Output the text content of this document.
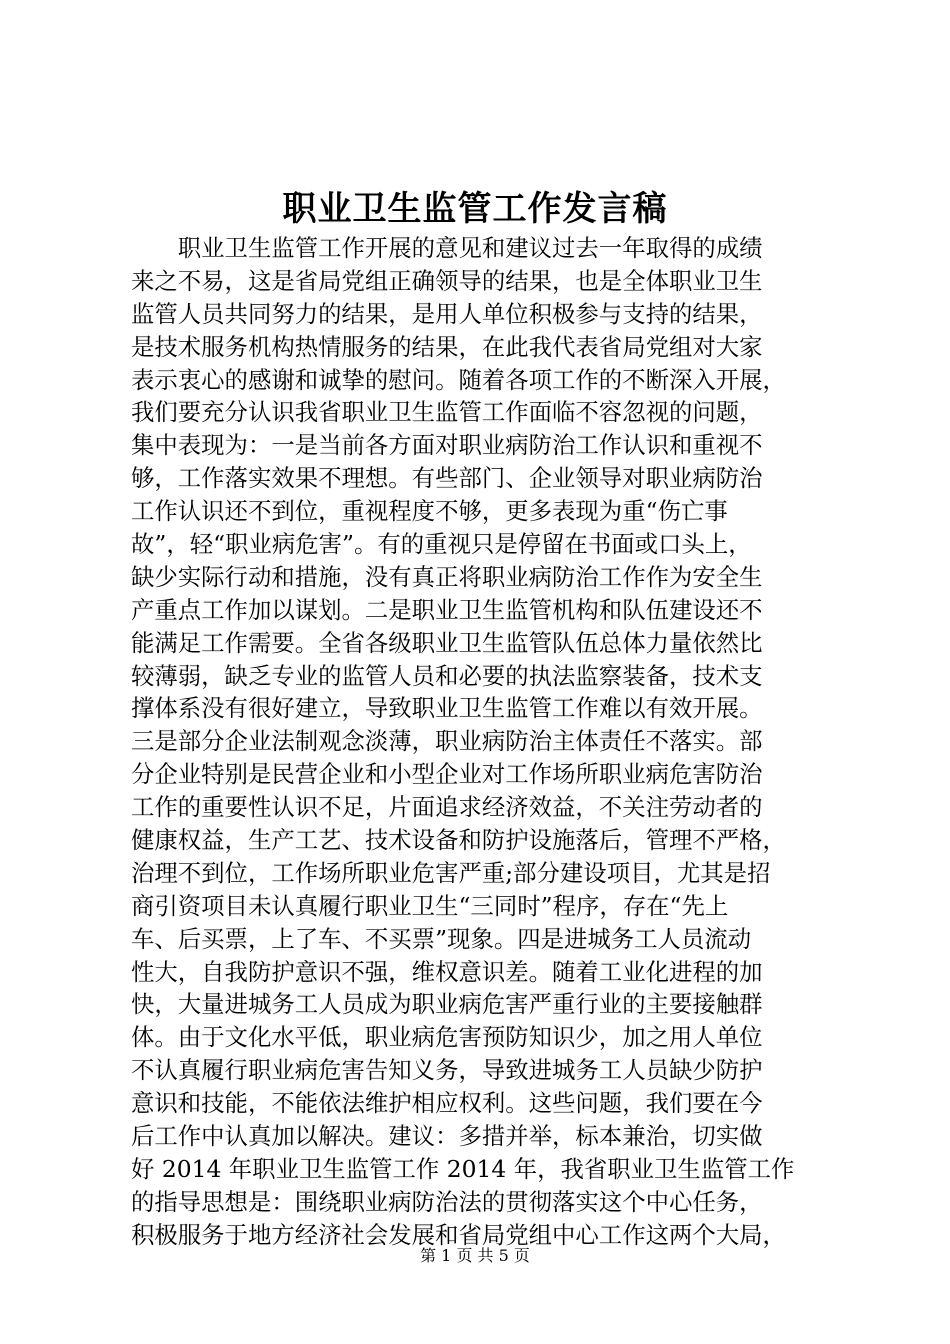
职业卫生监管工作发言稿
　　职业卫生监管工作开展的意见和建议过去一年取得的成绩
来之不易，这是省局党组正确领导的结果，也是全体职业卫生
监管人员共同努力的结果，是用人单位积极参与支持的结果，
是技术服务机构热情服务的结果，在此我代表省局党组对大家
表示衷心的感谢和诚挚的慰问。随着各项工作的不断深入开展，
我们要充分认识我省职业卫生监管工作面临不容忽视的问题，
集中表现为：一是当前各方面对职业病防治工作认识和重视不
够，工作落实效果不理想。有些部门、企业领导对职业病防治
工作认识还不到位，重视程度不够，更多表现为重“伤亡事
故”，轻“职业病危害”。有的重视只是停留在书面或口头上，
缺少实际行动和措施，没有真正将职业病防治工作作为安全生
产重点工作加以谋划。二是职业卫生监管机构和队伍建设还不
能满足工作需要。全省各级职业卫生监管队伍总体力量依然比
较薄弱，缺乏专业的监管人员和必要的执法监察装备，技术支
撑体系没有很好建立，导致职业卫生监管工作难以有效开展。
三是部分企业法制观念淡薄，职业病防治主体责任不落实。部
分企业特别是民营企业和小型企业对工作场所职业病危害防治
工作的重要性认识不足，片面追求经济效益，不关注劳动者的
健康权益，生产工艺、技术设备和防护设施落后，管理不严格，
治理不到位，工作场所职业危害严重;部分建设项目，尤其是招
商引资项目未认真履行职业卫生“三同时”程序，存在“先上
车、后买票，上了车、不买票”现象。四是进城务工人员流动
性大，自我防护意识不强，维权意识差。随着工业化进程的加
快，大量进城务工人员成为职业病危害严重行业的主要接触群
体。由于文化水平低，职业病危害预防知识少，加之用人单位
不认真履行职业病危害告知义务，导致进城务工人员缺少防护
意识和技能，不能依法维护相应权利。这些问题，我们要在今
后工作中认真加以解决。建议：多措并举，标本兼治，切实做
好 2014 年职业卫生监管工作 2014 年，我省职业卫生监管工作
的指导思想是：围绕职业病防治法的贯彻落实这个中心任务，
积极服务于地方经济社会发展和省局党组中心工作这两个大局，
第 1 页 共 5 页
